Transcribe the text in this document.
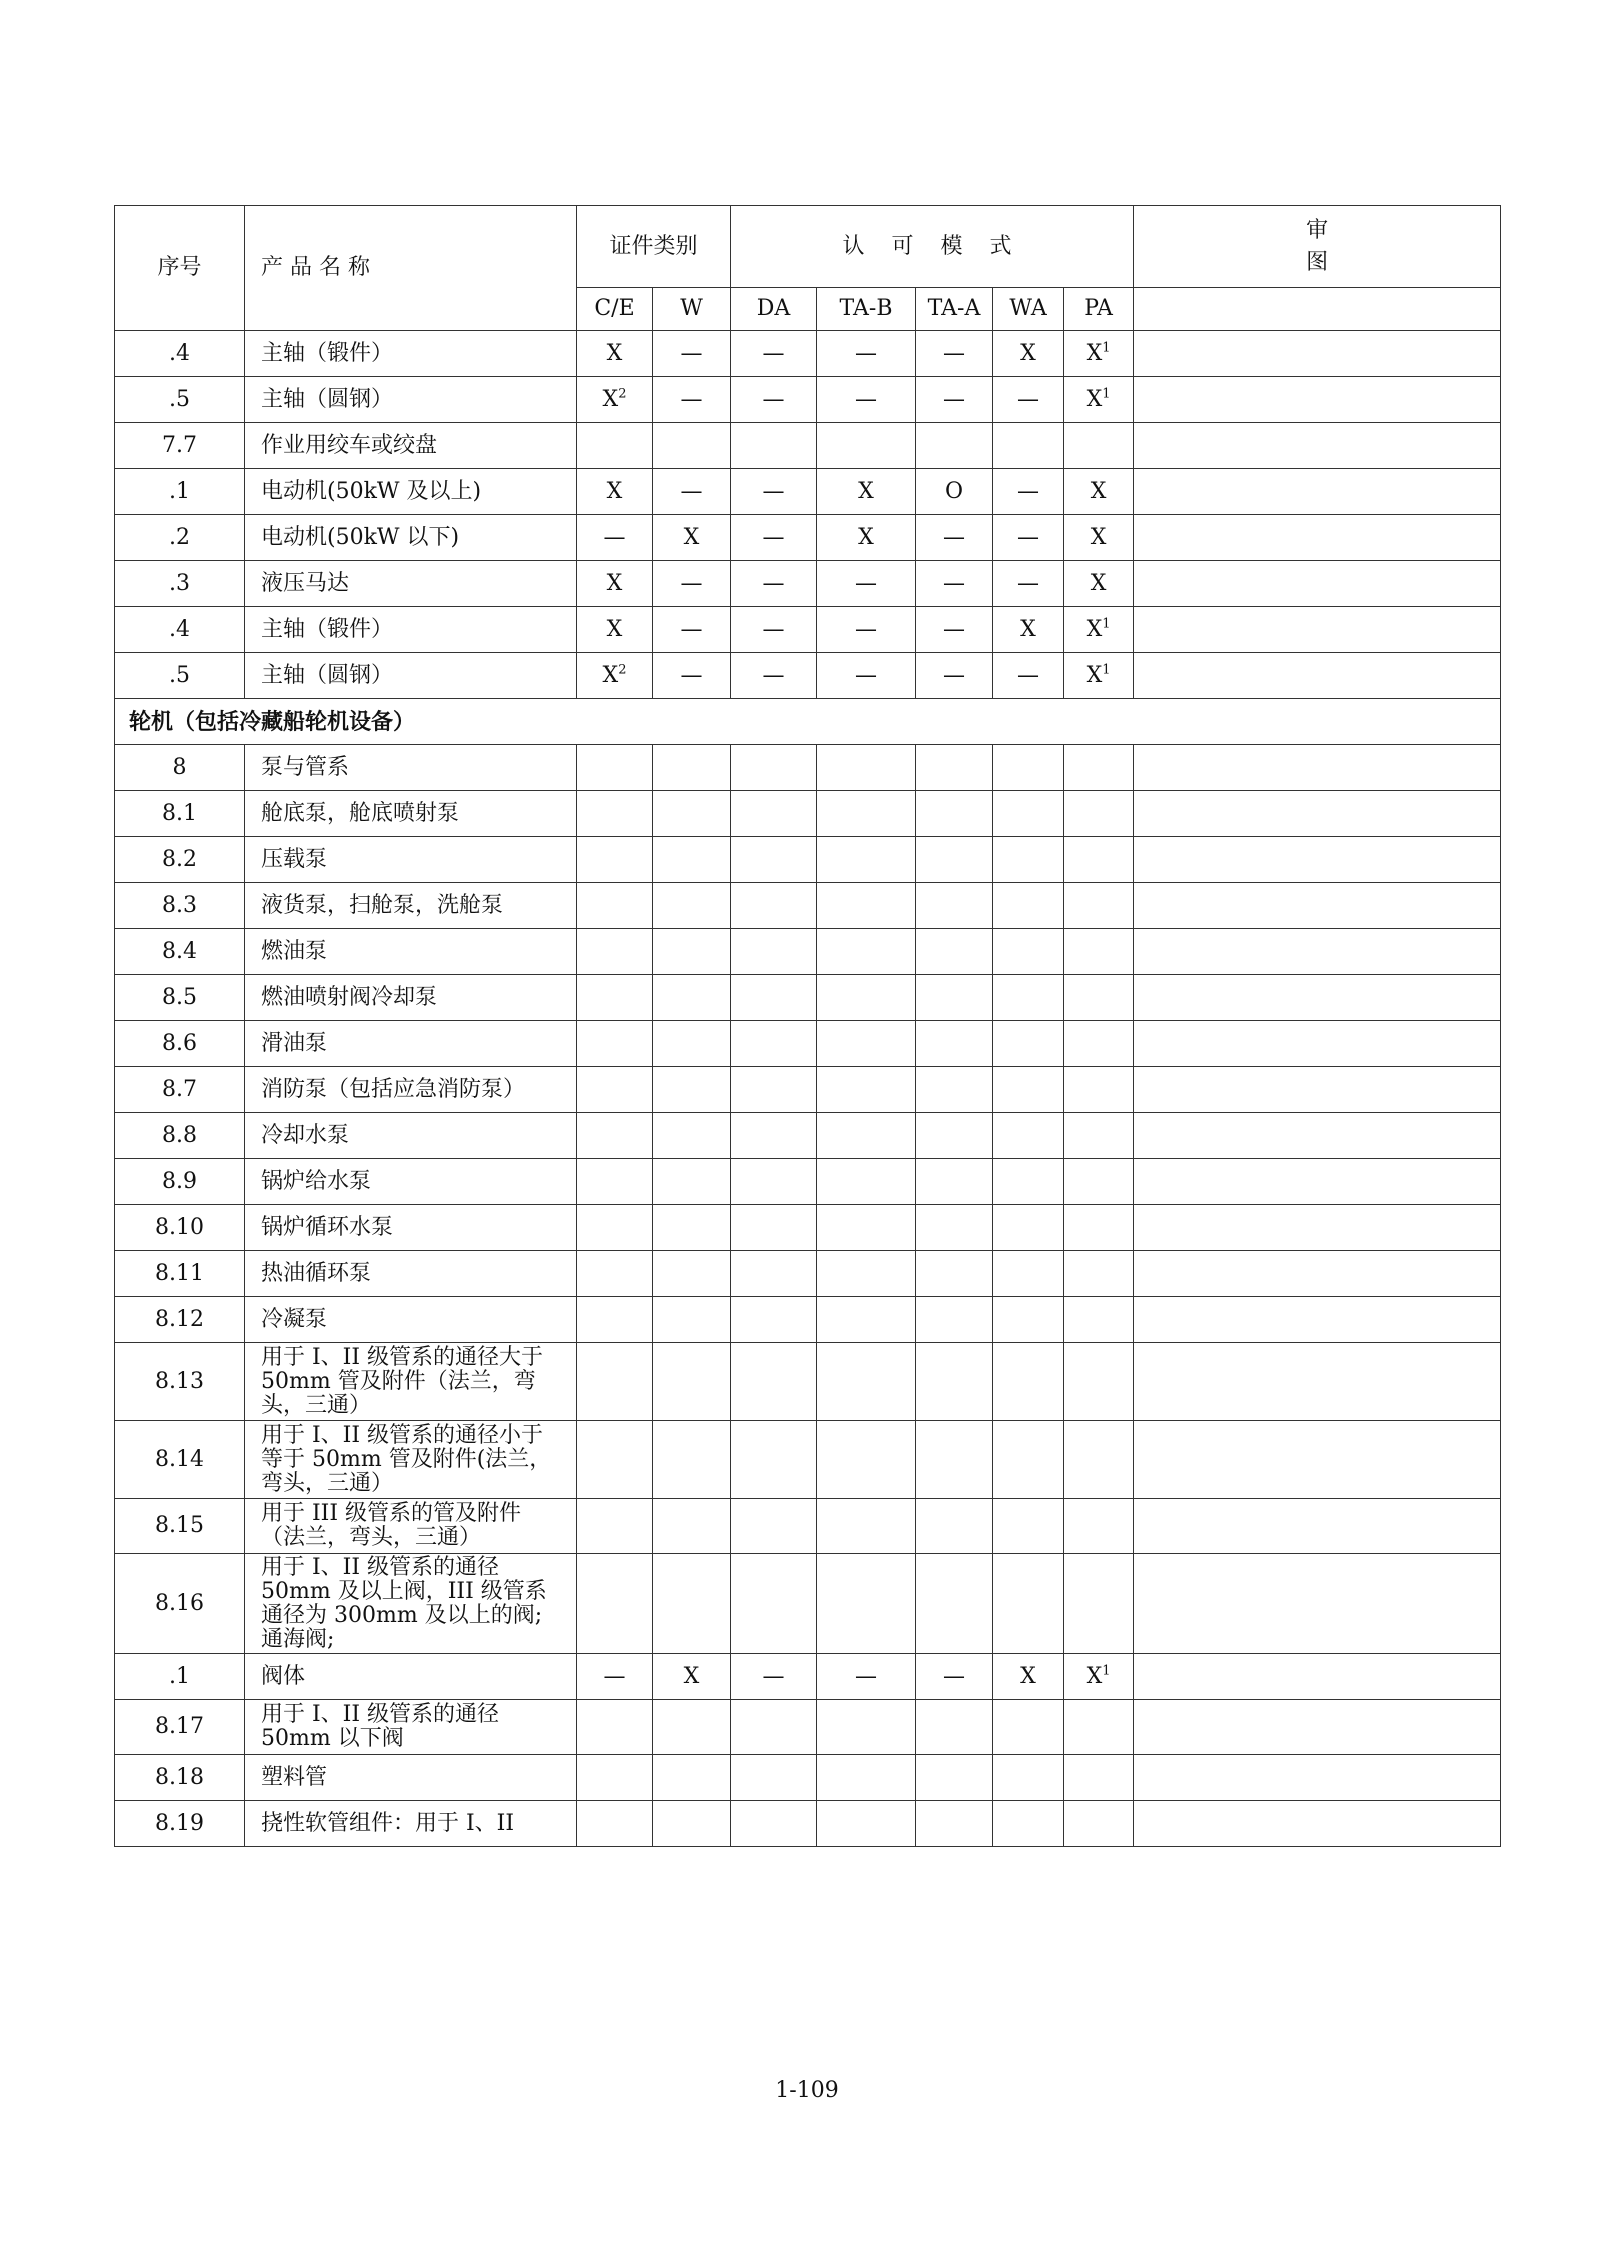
序号	产 品 名 称	证件类别		认 可 模 式					审
图	
		C/E	W	DA	TA-B	TA-A	WA	PA		
.4	主轴（锻件）	X	—	—	—	—	X	$X^1$	
.5	主轴（圆钢）	$X^2$	—	—	—	—	—	$X^1$	
7.7	作业用绞车或绞盘									
.1	电动机(50kW 及以上)	X	—	—	X	O	—	X		
.2	电动机(50kW 以下)	—	X	—	X	—	—	X		
.3	液压马达	X	—	—	—	—	—	X		
.4	主轴（锻件）	X	—	—	—	—	X	$X^1$	
.5	主轴（圆钢）	$X^2$	—	—	—	—	—	$X^1$	
轮机（包括冷藏船轮机设备）										
8	泵与管系									
8.1	舱底泵，舱底喷射泵									
8.2	压载泵									
8.3	液货泵，扫舱泵，洗舱泵									
8.4	燃油泵									
8.5	燃油喷射阀冷却泵									
8.6	滑油泵									
8.7	消防泵（包括应急消防泵）									
8.8	冷却水泵									
8.9	锅炉给水泵									
8.10	锅炉循环水泵									
8.11	热油循环泵									
8.12	冷凝泵									
8.13	用于 I、II 级管系的通径大于
50mm 管及附件（法兰，弯
头，三通）									
8.14	用于 I、II 级管系的通径小于
等于 50mm 管及附件(法兰，
弯头，三通）									
8.15	用于 III 级管系的管及附件
（法兰，弯头，三通）									
8.16	用于 I、II 级管系的通径
50mm 及以上阀，III 级管系
通径为 300mm 及以上的阀;
通海阀;									
.1	阀体	—	X	—	—	—	X	$X^1$	
8.17	用于 I、II 级管系的通径
50mm 以下阀									
8.18	塑料管									
8.19	挠性软管组件：用于 I、II									
1-109
